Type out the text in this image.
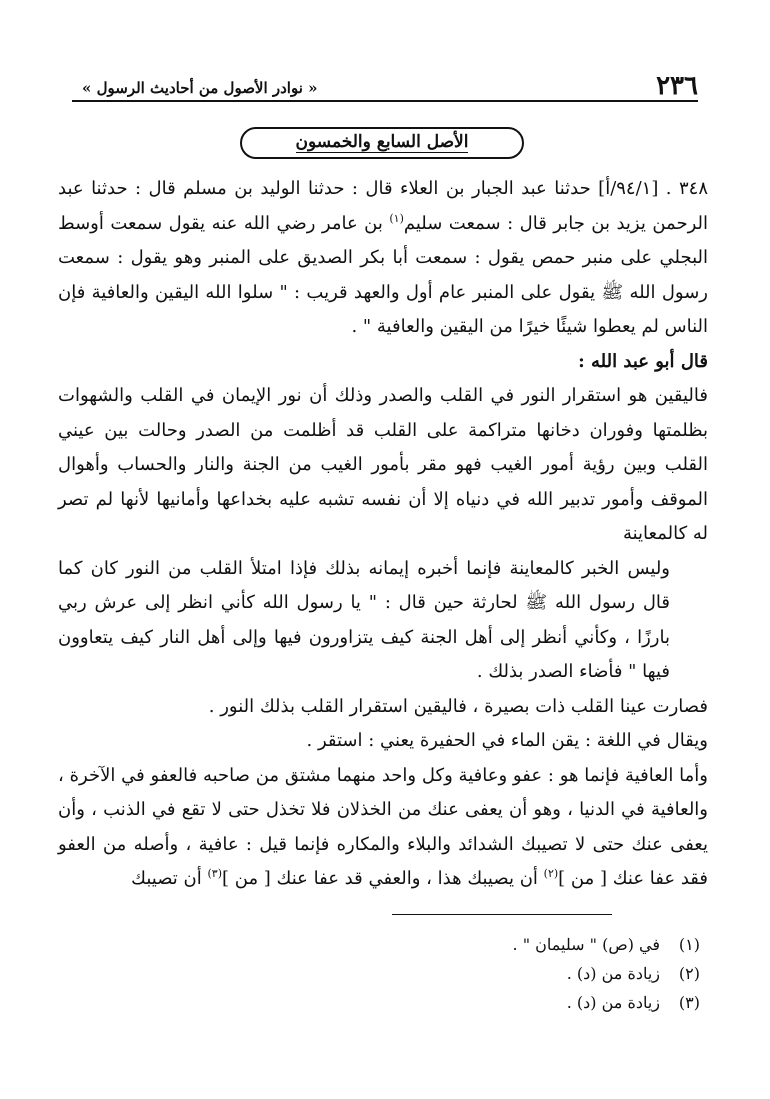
٢٣٦
« نوادر الأصول من أحاديث الرسول »
الأصل السابع والخمسون

٣٤٨ . [٩٤/١/أ] حدثنا عبد الجبار بن العلاء قال : حدثنا الوليد بن مسلم قال : حدثنا عبد الرحمن يزيد بن جابر قال : سمعت سليم$^{(١)}$ بن عامر رضي الله عنه يقول سمعت أوسط البجلي على منبر حمص يقول : سمعت أبا بكر الصديق على المنبر وهو يقول : سمعت رسول الله ﷺ يقول على المنبر عام أول والعهد قريب : " سلوا الله اليقين والعافية فإن الناس لم يعطوا شيئًا خيرًا من اليقين والعافية " .

قال أبو عبد الله :

فاليقين هو استقرار النور في القلب والصدر وذلك أن نور الإيمان في القلب والشهوات بظلمتها وفوران دخانها متراكمة على القلب قد أظلمت من الصدر وحالت بين عيني القلب وبين رؤية أمور الغيب فهو مقر بأمور الغيب من الجنة والنار والحساب وأهوال الموقف وأمور تدبير الله في دنياه إلا أن نفسه تشبه عليه بخداعها وأمانيها لأنها لم تصر له كالمعاينة

وليس الخبر كالمعاينة فإنما أخبره إيمانه بذلك فإذا امتلأ القلب من النور كان كما قال رسول الله ﷺ لحارثة حين قال : " يا رسول الله كأني انظر إلى عرش ربي بارزًا ، وكأني أنظر إلى أهل الجنة كيف يتزاورون فيها وإلى أهل النار كيف يتعاوون فيها " فأضاء الصدر بذلك .

فصارت عينا القلب ذات بصيرة ، فاليقين استقرار القلب بذلك النور .

ويقال في اللغة : يقن الماء في الحفيرة يعني : استقر .

وأما العافية فإنما هو : عفو وعافية وكل واحد منهما مشتق من صاحبه فالعفو في الآخرة ، والعافية في الدنيا ، وهو أن يعفى عنك من الخذلان فلا تخذل حتى لا تقع في الذنب ، وأن يعفى عنك حتى لا تصيبك الشدائد والبلاء والمكاره فإنما قيل : عافية ، وأصله من العفو فقد عفا عنك [ من ]$^{(٢)}$ أن يصيبك هذا ، والعفي قد عفا عنك [ من ]$^{(٣)}$ أن تصيبك

(١)في (ص) " سليمان " .
(٢)زيادة من (د) .
(٣)زيادة من (د) .
